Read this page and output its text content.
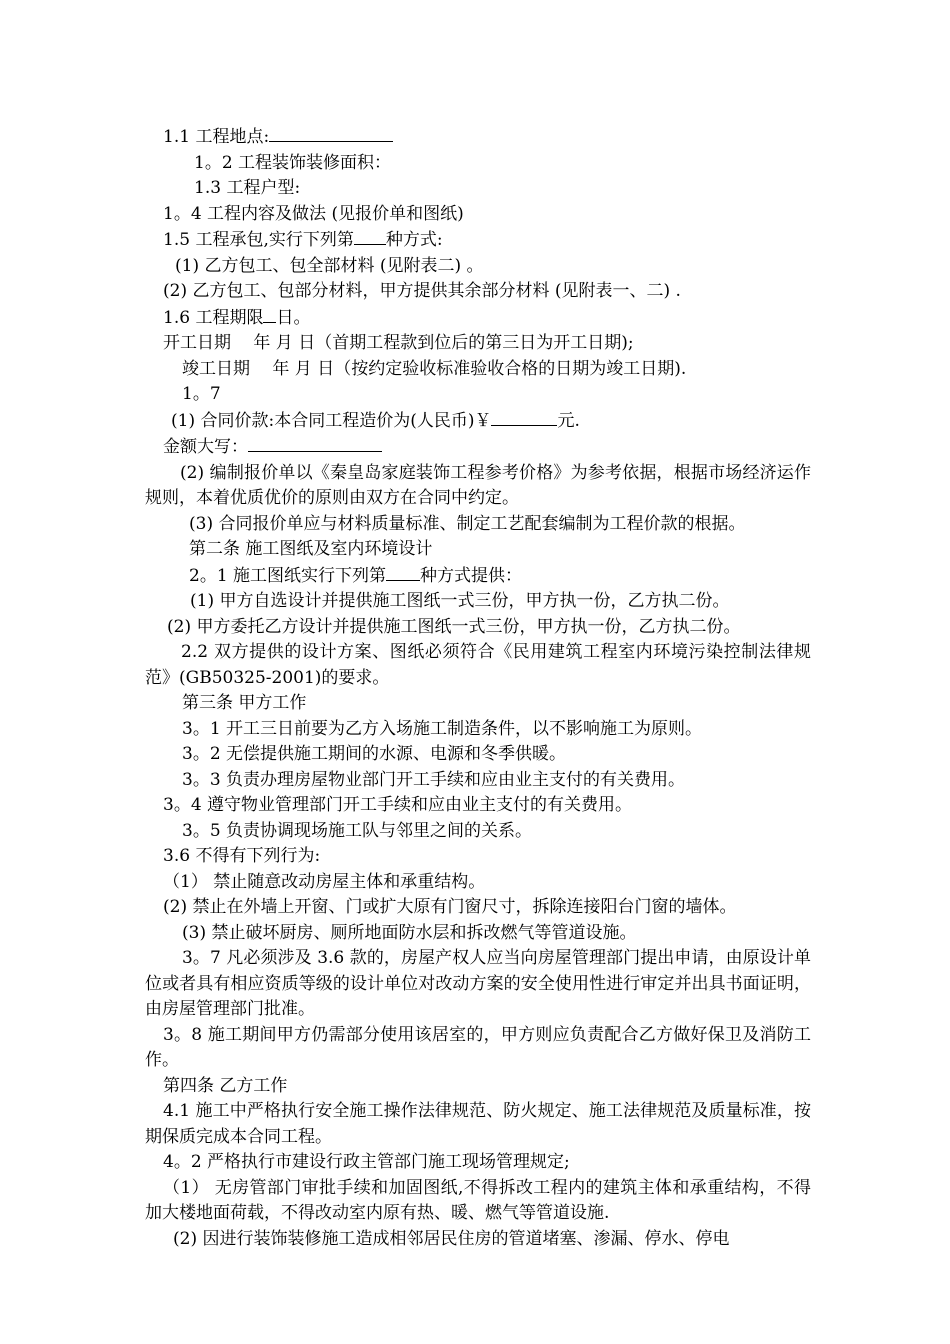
1.1 工程地点:

1。2 工程装饰装修面积：

1.3 工程户型:

1。4 工程内容及做法 (见报价单和图纸)

1.5 工程承包,实行下列第 种方式:

(1) 乙方包工、包全部材料 (见附表二) 。

(2) 乙方包工、包部分材料，甲方提供其余部分材料 (见附表一、二) .

1.6 工程期限 日。

开工日期　 年 月 日（首期工程款到位后的第三日为开工日期);

竣工日期　 年 月 日（按约定验收标准验收合格的日期为竣工日期).

1。7

(1) 合同价款:本合同工程造价为(人民币)￥	元.

金额大写：

(2) 编制报价单以《秦皇岛家庭装饰工程参考价格》为参考依据，根据市场经济运作规则，本着优质优价的原则由双方在合同中约定。

(3) 合同报价单应与材料质量标准、制定工艺配套编制为工程价款的根据。

第二条 施工图纸及室内环境设计

2。1 施工图纸实行下列第 种方式提供：

(1) 甲方自选设计并提供施工图纸一式三份，甲方执一份，乙方执二份。

(2) 甲方委托乙方设计并提供施工图纸一式三份，甲方执一份，乙方执二份。

2.2 双方提供的设计方案、图纸必须符合《民用建筑工程室内环境污染控制法律规范》(GB50325-2001)的要求。

第三条 甲方工作

3。1 开工三日前要为乙方入场施工制造条件，以不影响施工为原则。

3。2 无偿提供施工期间的水源、电源和冬季供暖。

3。3 负责办理房屋物业部门开工手续和应由业主支付的有关费用。

3。4 遵守物业管理部门开工手续和应由业主支付的有关费用。

3。5 负责协调现场施工队与邻里之间的关系。

3.6 不得有下列行为:

（1） 禁止随意改动房屋主体和承重结构。

(2) 禁止在外墙上开窗、门或扩大原有门窗尺寸，拆除连接阳台门窗的墙体。

(3) 禁止破坏厨房、厕所地面防水层和拆改燃气等管道设施。

3。7 凡必须涉及 3.6 款的，房屋产权人应当向房屋管理部门提出申请，由原设计单位或者具有相应资质等级的设计单位对改动方案的安全使用性进行审定并出具书面证明，由房屋管理部门批准。

3。8 施工期间甲方仍需部分使用该居室的，甲方则应负责配合乙方做好保卫及消防工作。

第四条 乙方工作

4.1 施工中严格执行安全施工操作法律规范、防火规定、施工法律规范及质量标准，按期保质完成本合同工程。

4。2 严格执行市建设行政主管部门施工现场管理规定;

（1） 无房管部门审批手续和加固图纸,不得拆改工程内的建筑主体和承重结构，不得加大楼地面荷载，不得改动室内原有热、暖、燃气等管道设施.

(2) 因进行装饰装修施工造成相邻居民住房的管道堵塞、渗漏、停水、停电
